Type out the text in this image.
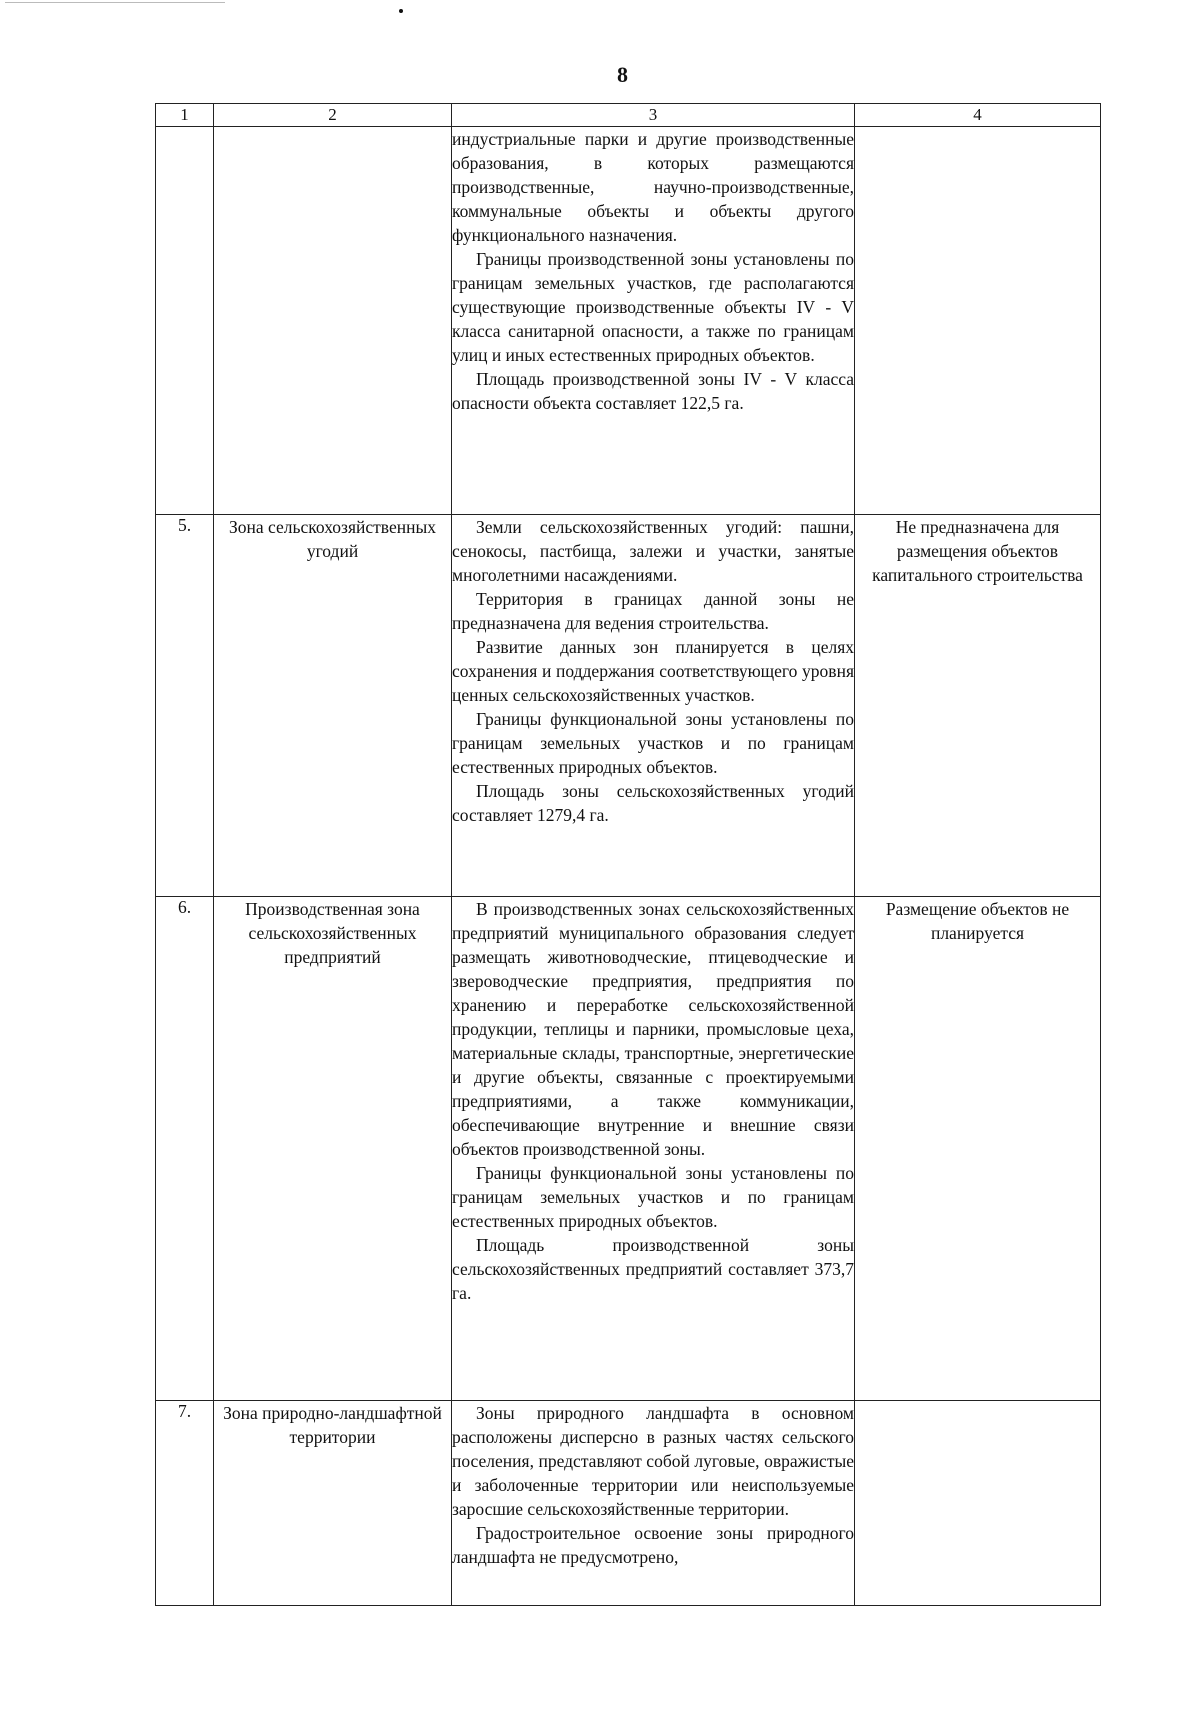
8
1	2	3	4

		индустриальные парки и другие производственные образования, в которых размещаются производственные, научно-производственные, коммунальные объекты и объекты другого функционального назначения.

Границы производственной зоны установлены по границам земельных участков, где располагаются существующие производственные объекты IV - V класса санитарной опасности, а также по границам улиц и иных естественных природных объектов.

Площадь производственной зоны IV - V класса опасности объекта составляет 122,5 га.	

5.	Зона сельскохозяйственных угодий	Земли сельскохозяйственных угодий: пашни, сенокосы, пастбища, залежи и участки, занятые многолетними насаждениями.

Территория в границах данной зоны не предназначена для ведения строительства.

Развитие данных зон планируется в целях сохранения и поддержания соответствующего уровня ценных сельскохозяйственных участков.

Границы функциональной зоны установлены по границам земельных участков и по границам естественных природных объектов.

Площадь зоны сельскохозяйственных угодий составляет 1279,4 га.	Не предназначена для размещения объектов капитального строительства
6.	Производственная зона сельскохозяйственных предприятий	В производственных зонах сельскохозяйственных предприятий муниципального образования следует размещать животноводческие, птицеводческие и звероводческие предприятия, предприятия по хранению и переработке сельскохозяйственной продукции, теплицы и парники, промысловые цеха, материальные склады, транспортные, энергетические и другие объекты, связанные с проектируемыми предприятиями, а также коммуникации, обеспечивающие внутренние и внешние связи объектов производственной зоны.

Границы функциональной зоны установлены по границам земельных участков и по границам естественных природных объектов.

Площадь производственной зоны сельскохозяйственных предприятий составляет 373,7 га.	Размещение объектов не планируется
7.	Зона природно-ландшафтной территории	Зоны природного ландшафта в основном расположены дисперсно в разных частях сельского поселения, представляют собой луговые, овражистые и заболоченные территории или неиспользуемые заросшие сельскохозяйственные территории.

Градостроительное освоение зоны природного ландшафта не предусмотрено,	
